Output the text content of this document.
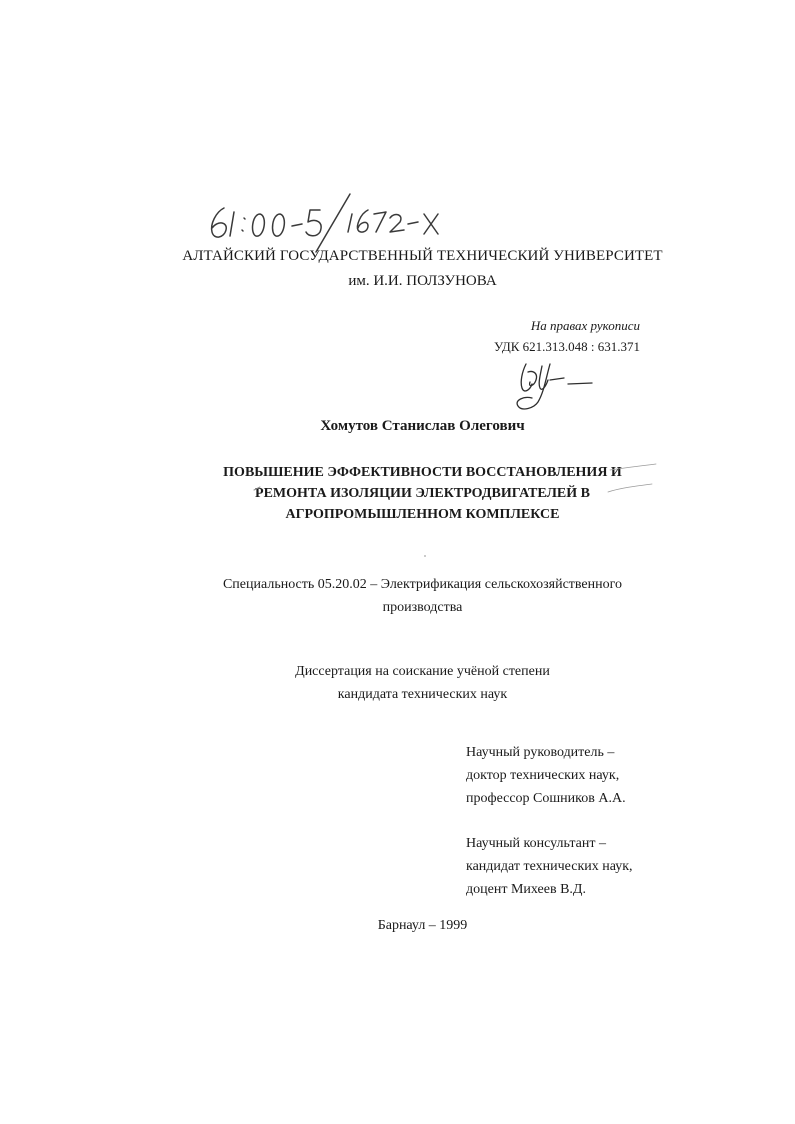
АЛТАЙСКИЙ ГОСУДАРСТВЕННЫЙ ТЕХНИЧЕСКИЙ УНИВЕРСИТЕТ
им. И.И. ПОЛЗУНОВА
На правах рукописи
УДК 621.313.048 : 631.371
Хомутов Станислав Олегович
ПОВЫШЕНИЕ ЭФФЕКТИВНОСТИ ВОССТАНОВЛЕНИЯ И
РЕМОНТА ИЗОЛЯЦИИ ЭЛЕКТРОДВИГАТЕЛЕЙ В
АГРОПРОМЫШЛЕННОМ КОМПЛЕКСЕ
Специальность 05.20.02 – Электрификация сельскохозяйственного
производства
Диссертация на соискание учёной степени
кандидата технических наук
Научный руководитель –
доктор технических наук,
профессор Сошников А.А.
Научный консультант –
кандидат технических наук,
доцент Михеев В.Д.
Барнаул – 1999
